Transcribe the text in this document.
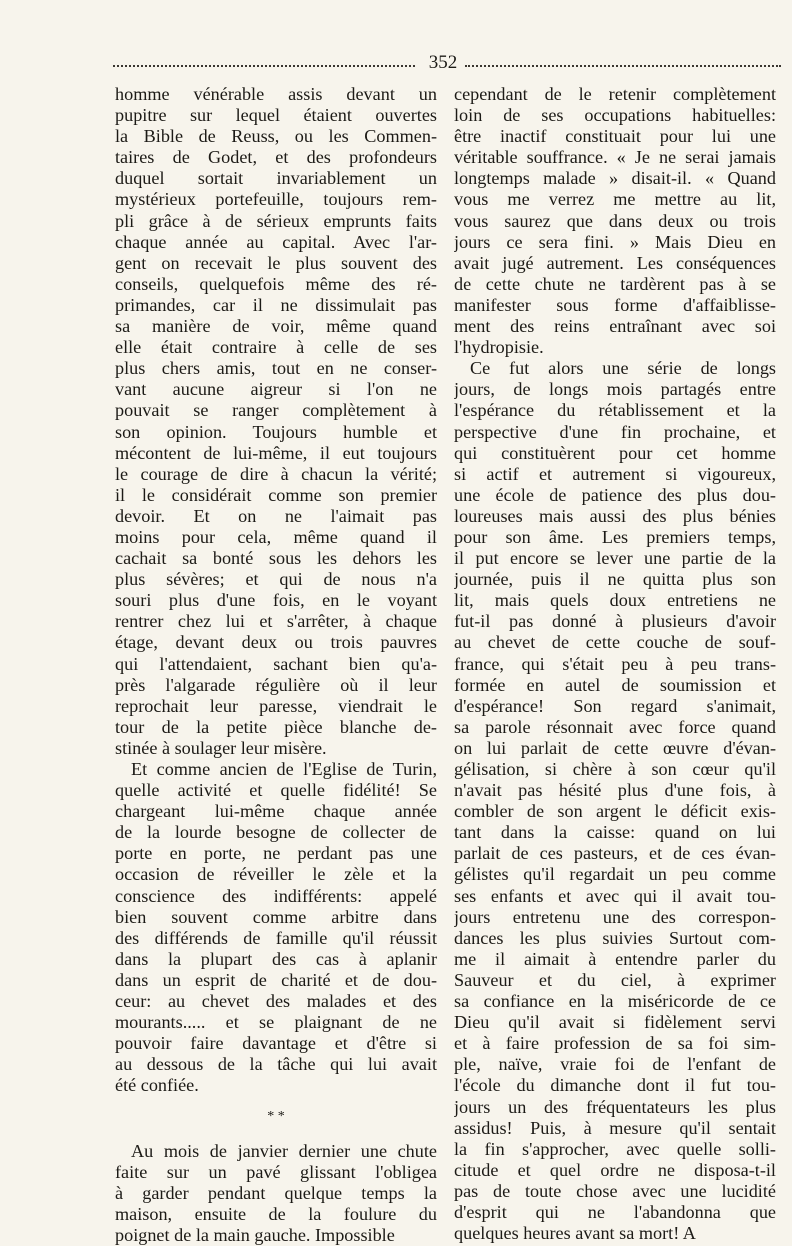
352
homme vénérable assis devant un
pupitre sur lequel étaient ouvertes
la Bible de Reuss, ou les Commen-
taires de Godet, et des profondeurs
duquel sortait invariablement un
mystérieux portefeuille, toujours rem-
pli grâce à de sérieux emprunts faits
chaque année au capital. Avec l'ar-
gent on recevait le plus souvent des
conseils, quelquefois même des ré-
primandes, car il ne dissimulait pas
sa manière de voir, même quand
elle était contraire à celle de ses
plus chers amis, tout en ne conser-
vant aucune aigreur si l'on ne
pouvait se ranger complètement à
son opinion. Toujours humble et
mécontent de lui-même, il eut toujours
le courage de dire à chacun la vérité;
il le considérait comme son premier
devoir. Et on ne l'aimait pas
moins pour cela, même quand il
cachait sa bonté sous les dehors les
plus sévères; et qui de nous n'a
souri plus d'une fois, en le voyant
rentrer chez lui et s'arrêter, à chaque
étage, devant deux ou trois pauvres
qui l'attendaient, sachant bien qu'a-
près l'algarade régulière où il leur
reprochait leur paresse, viendrait le
tour de la petite pièce blanche de-
stinée à soulager leur misère.
Et comme ancien de l'Eglise de Turin,
quelle activité et quelle fidélité! Se
chargeant lui-même chaque année
de la lourde besogne de collecter de
porte en porte, ne perdant pas une
occasion de réveiller le zèle et la
conscience des indifférents: appelé
bien souvent comme arbitre dans
des différends de famille qu'il réussit
dans la plupart des cas à aplanir
dans un esprit de charité et de dou-
ceur: au chevet des malades et des
mourants..... et se plaignant de ne
pouvoir faire davantage et d'être si
au dessous de la tâche qui lui avait
été confiée.
* *
Au mois de janvier dernier une chute
faite sur un pavé glissant l'obligea
à garder pendant quelque temps la
maison, ensuite de la foulure du
poignet de la main gauche. Impossible
cependant de le retenir complètement
loin de ses occupations habituelles:
être inactif constituait pour lui une
véritable souffrance. « Je ne serai jamais
longtemps malade » disait-il. « Quand
vous me verrez me mettre au lit,
vous saurez que dans deux ou trois
jours ce sera fini. » Mais Dieu en
avait jugé autrement. Les conséquences
de cette chute ne tardèrent pas à se
manifester sous forme d'affaiblisse-
ment des reins entraînant avec soi
l'hydropisie.
Ce fut alors une série de longs
jours, de longs mois partagés entre
l'espérance du rétablissement et la
perspective d'une fin prochaine, et
qui constituèrent pour cet homme
si actif et autrement si vigoureux,
une école de patience des plus dou-
loureuses mais aussi des plus bénies
pour son âme. Les premiers temps,
il put encore se lever une partie de la
journée, puis il ne quitta plus son
lit, mais quels doux entretiens ne
fut-il pas donné à plusieurs d'avoir
au chevet de cette couche de souf-
france, qui s'était peu à peu trans-
formée en autel de soumission et
d'espérance! Son regard s'animait,
sa parole résonnait avec force quand
on lui parlait de cette œuvre d'évan-
gélisation, si chère à son cœur qu'il
n'avait pas hésité plus d'une fois, à
combler de son argent le déficit exis-
tant dans la caisse: quand on lui
parlait de ces pasteurs, et de ces évan-
gélistes qu'il regardait un peu comme
ses enfants et avec qui il avait tou-
jours entretenu une des correspon-
dances les plus suivies Surtout com-
me il aimait à entendre parler du
Sauveur et du ciel, à exprimer
sa confiance en la miséricorde de ce
Dieu qu'il avait si fidèlement servi
et à faire profession de sa foi sim-
ple, naïve, vraie foi de l'enfant de
l'école du dimanche dont il fut tou-
jours un des fréquentateurs les plus
assidus! Puis, à mesure qu'il sentait
la fin s'approcher, avec quelle solli-
citude et quel ordre ne disposa-t-il
pas de toute chose avec une lucidité
d'esprit qui ne l'abandonna que
quelques heures avant sa mort! A
